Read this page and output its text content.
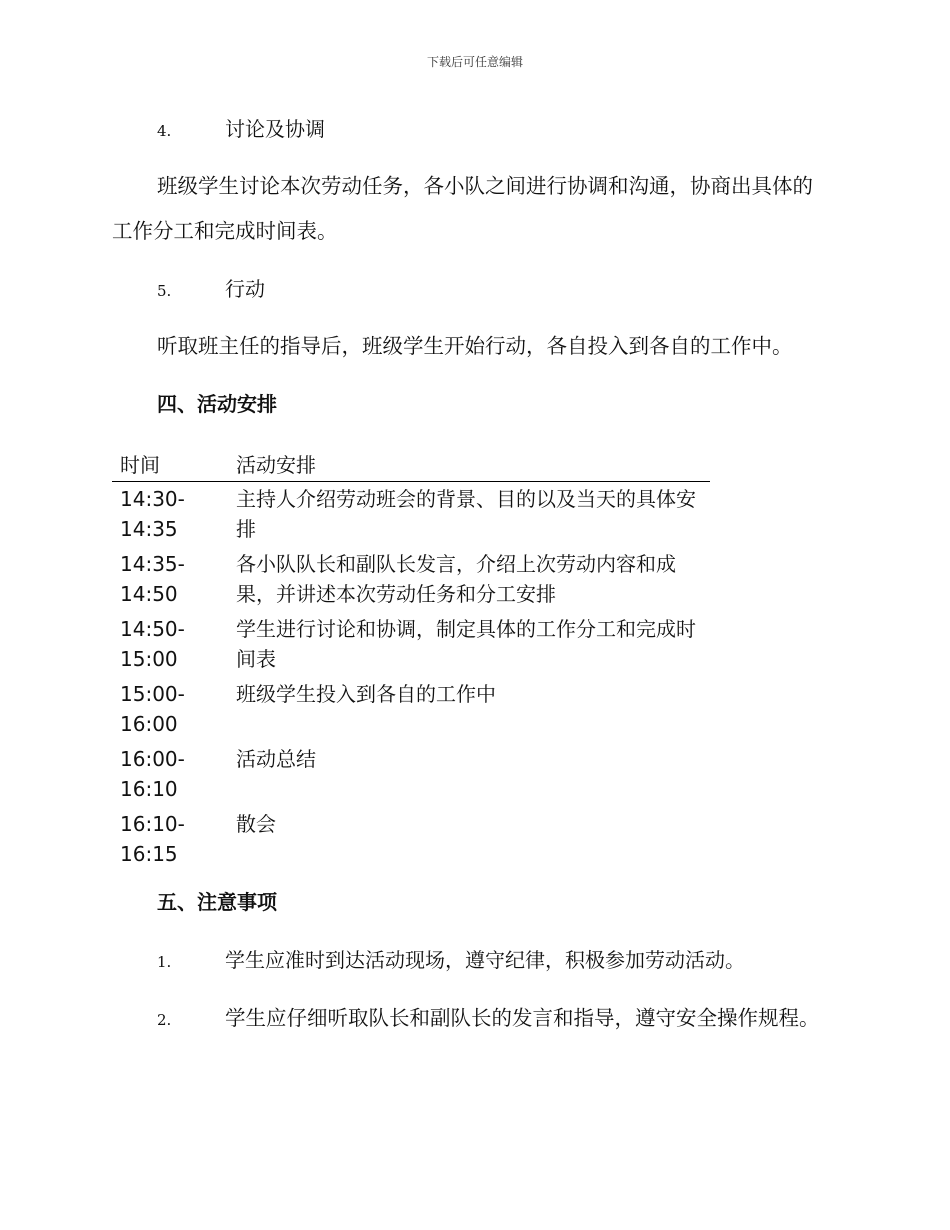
下载后可任意编辑
4.	讨论及协调

班级学生讨论本次劳动任务，各小队之间进行协调和沟通，协商出具体的工作分工和完成时间表。

5.	行动

听取班主任的指导后，班级学生开始行动，各自投入到各自的工作中。

四、活动安排
时间	活动安排
14:30-14:35	主持人介绍劳动班会的背景、目的以及当天的具体安排
14:35-14:50	各小队队长和副队长发言，介绍上次劳动内容和成果，并讲述本次劳动任务和分工安排
14:50-15:00	学生进行讨论和协调，制定具体的工作分工和完成时间表
15:00-16:00	班级学生投入到各自的工作中
16:00-16:10	活动总结
16:10-16:15	散会
五、注意事项
1.	学生应准时到达活动现场，遵守纪律，积极参加劳动活动。

2.	学生应仔细听取队长和副队长的发言和指导，遵守安全操作规程。
